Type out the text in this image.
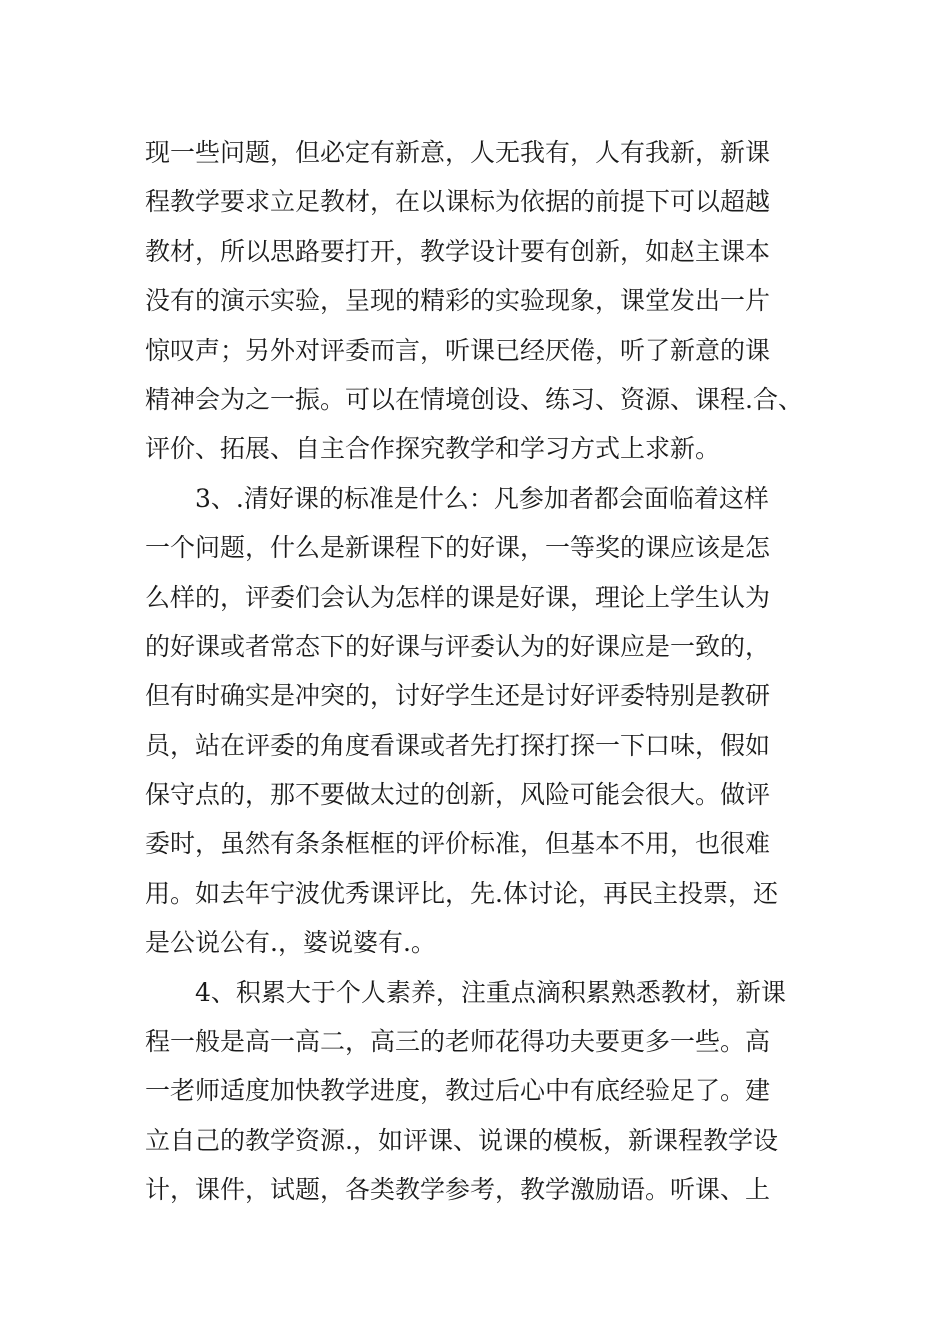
现一些问题，但必定有新意，人无我有，人有我新，新课
程教学要求立足教材，在以课标为依据的前提下可以超越
教材，所以思路要打开，教学设计要有创新，如赵主课本
没有的演示实验，呈现的精彩的实验现象，课堂发出一片
惊叹声；另外对评委而言，听课已经厌倦，听了新意的课
精神会为之一振。可以在情境创设、练习、资源、课程.合、
评价、拓展、自主合作探究教学和学习方式上求新。
3、.清好课的标准是什么：凡参加者都会面临着这样
一个问题，什么是新课程下的好课，一等奖的课应该是怎
么样的，评委们会认为怎样的课是好课，理论上学生认为
的好课或者常态下的好课与评委认为的好课应是一致的，
但有时确实是冲突的，讨好学生还是讨好评委特别是教研
员，站在评委的角度看课或者先打探打探一下口味，假如
保守点的，那不要做太过的创新，风险可能会很大。做评
委时，虽然有条条框框的评价标准，但基本不用，也很难
用。如去年宁波优秀课评比，先.体讨论，再民主投票，还
是公说公有.，婆说婆有.。
4、积累大于个人素养，注重点滴积累熟悉教材，新课
程一般是高一高二，高三的老师花得功夫要更多一些。高
一老师适度加快教学进度，教过后心中有底经验足了。建
立自己的教学资源.，如评课、说课的模板，新课程教学设
计，课件，试题，各类教学参考，教学激励语。听课、上
